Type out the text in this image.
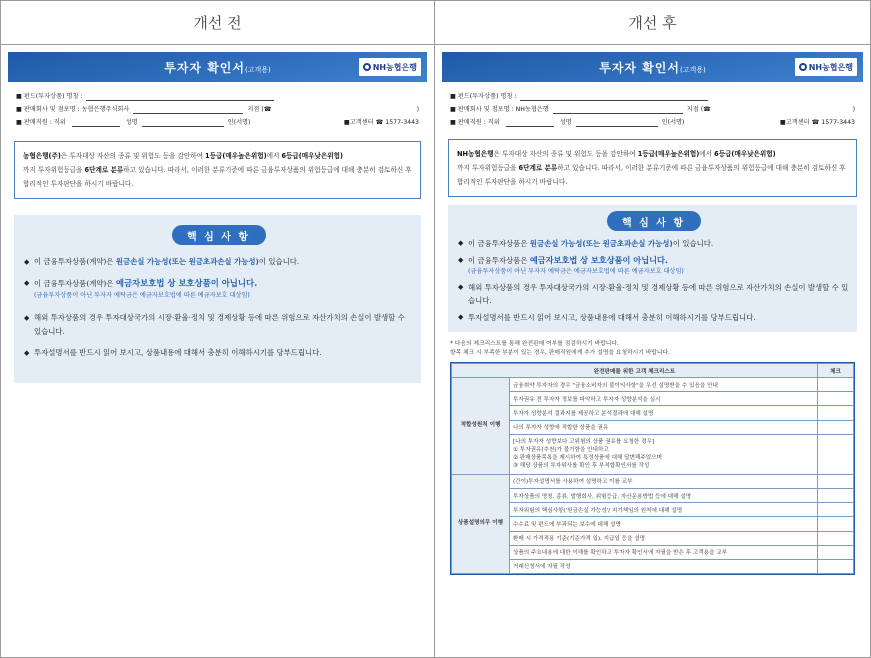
개선 전
투자자 확인서(고객용)	NH농협은행
■ 펀드(투자상품) 명칭 :
■ 판매회사 및 점포명 : 농협은행주식회사	지점 (☎	)
■ 판매직원 : 직위	성명	인(서명)	■고객센터 ☎ 1577-3443
농협은행(주)은 투자대상 자산의 종류 및 위험도 등을 감안하여 1등급(매우높은위험)에서 6등급(매우낮은위험)
까지 투자위험등급을 6단계로 분류하고 있습니다. 따라서, 이러한 분류기준에 따른 금융투자상품의 위험등급에 대해 충분히 검토하신 후 합리적인 투자판단을 하시기 바랍니다.
핵 심 사 항
◆ 이 금융투자상품(계약)은 원금손실 가능성(또는 원금초과손실 가능성)이 있습니다.
◆ 이 금융투자상품(계약)은 예금자보호법 상 보호상품이 아닙니다.
(금융투자상품이 아닌 투자자 예탁금은 예금자보호법에 따른 예금자보호 대상임)
◆ 해외 투자상품의 경우 투자대상국가의 시장·환율·정치 및 경제상황 등에 따른 위험으로 자산가치의 손실이 발생할 수 있습니다.
◆ 투자설명서를 반드시 읽어 보시고, 상품내용에 대해서 충분히 이해하시기를 당부드립니다.
개선 후
투자자 확인서(고객용)	NH농협은행
■ 펀드(투자상품) 명칭 :
■ 판매회사 및 점포명 : NH농협은행	지점 (☎	)
■ 판매직원 : 직위	성명	인(서명)	■고객센터 ☎ 1577-3443
NH농협은행은 투자대상 자산의 종류 및 위험도 등을 감안하여 1등급(매우높은위험)에서 6등급(매우낮은위험)
까지 투자위험등급을 6단계로 분류하고 있습니다. 따라서, 이러한 분류기준에 따른 금융투자상품의 위험등급에 대해 충분히 검토하신 후 합리적인 투자판단을 하시기 바랍니다.
핵 심 사 항
◆ 이 금융투자상품은 원금손실 가능성(또는 원금초과손실 가능성)이 있습니다.
◆ 이 금융투자상품은 예금자보호법 상 보호상품이 아닙니다.
(금융투자상품이 아닌 투자자 예탁금은 예금자보호법에 따른 예금자보호 대상임)
◆ 해외 투자상품의 경우 투자대상국가의 시장·환율·정치 및 경제상황 등에 따른 위험으로 자산가치의 손실이 발생할 수 있습니다.
◆ 투자설명서를 반드시 읽어 보시고, 상품내용에 대해서 충분히 이해하시기를 당부드립니다.
* 다음의 체크리스트를 통해 완전판매 여부를 점검하시기 바랍니다.
항목 체크 시 부족한 부분이 있는 경우, 판매직원에게 추가 설명을 요청하시기 바랍니다.
완전판매를 위한 고객 체크리스트		체크
적합성원칙 이행	금융취약 투자자의 경우 "금융소비자의 불이익사항"을 우선 설명받을 수 있음을 안내	
	투자권유 전 투자자 정보를 파악하고 투자자 성향분석을 실시	
	투자자 성향분석 결과지를 제공하고 분석결과에 대해 설명	
	나의 투자자 성향에 적합한 상품을 권유	

	[나의 투자자 성향보다 고위험의 상품 권유를 요청한 경우]
① 투자권유(추천)가 불가함을 안내하고
② 판매상품목록을 제시하여 특정상품에 대해 답변해주었으며
③ 해당 상품의 투자위사를 확인 후 부적합확인서를 작성	

상품설명의무 이행	(간이)투자설명서를 사용하여 설명하고 이를 교부	
	투자상품의 명칭, 종류, 발행회사, 위험등급, 자산운용방법 등에 대해 설명	
	투자위험의 핵심사항('원금손실 가능성'/ 지기책임의 원칙에 대해 설명	
	수수료 및 펀드에 부과되는 보수에 대해 설명	
	환매 시 가격적용 기준(기준가격 일), 지급일 등을 설명	
	상품의 주요내용에 대한 이해를 확인하고 투자자 확인서에 자필을 받은 후 고객용을 교부	
	거래신청서에 자필 작성	
